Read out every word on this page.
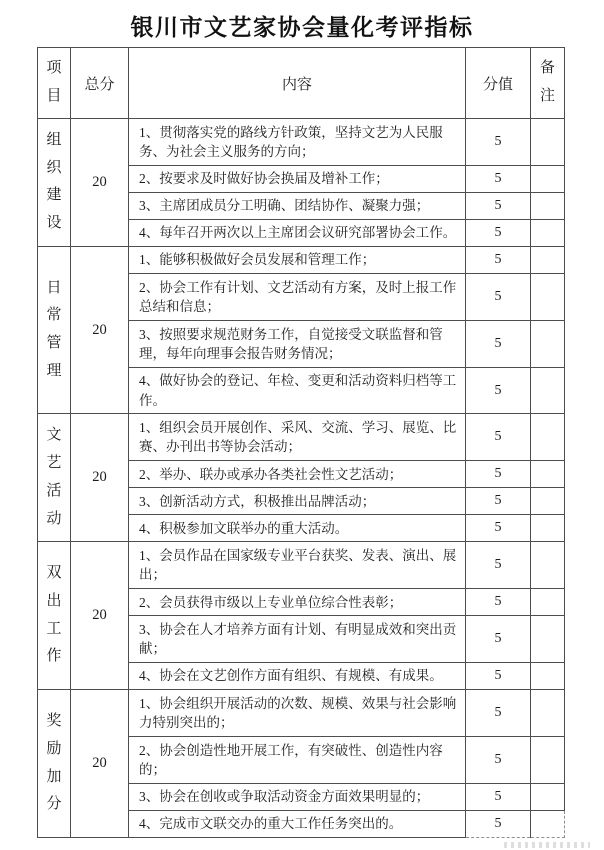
银川市文艺家协会量化考评指标
项目	总分	内容	分值	备注
组织建设	20	1、贯彻落实党的路线方针政策，坚持文艺为人民服务、为社会主义服务的方向；	5	
		2、按要求及时做好协会换届及增补工作；	5	
		3、主席团成员分工明确、团结协作、凝聚力强；	5	
		4、每年召开两次以上主席团会议研究部署协会工作。	5	
日常管理	20	1、能够积极做好会员发展和管理工作；	5	
		2、协会工作有计划、文艺活动有方案，及时上报工作总结和信息；	5	
		3、按照要求规范财务工作，自觉接受文联监督和管理，每年向理事会报告财务情况；	5	
		4、做好协会的登记、年检、变更和活动资料归档等工作。	5	
文艺活动	20	1、组织会员开展创作、采风、交流、学习、展览、比赛、办刊出书等协会活动；	5	
		2、举办、联办或承办各类社会性文艺活动；	5	
		3、创新活动方式，积极推出品牌活动；	5	
		4、积极参加文联举办的重大活动。	5	
双出工作	20	1、会员作品在国家级专业平台获奖、发表、演出、展出；	5	
		2、会员获得市级以上专业单位综合性表彰；	5	
		3、协会在人才培养方面有计划、有明显成效和突出贡献；	5	
		4、协会在文艺创作方面有组织、有规模、有成果。	5	
奖励加分	20	1、协会组织开展活动的次数、规模、效果与社会影响力特别突出的；	5	
		2、协会创造性地开展工作，有突破性、创造性内容的；	5	
		3、协会在创收或争取活动资金方面效果明显的；	5	
		4、完成市文联交办的重大工作任务突出的。	5	
